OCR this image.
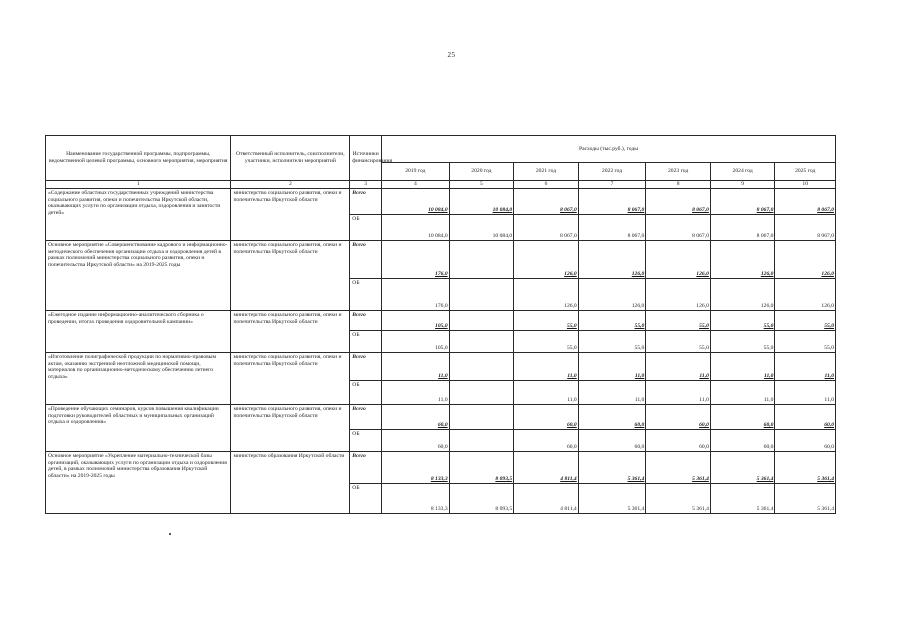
25
Наименование государственной программы, подпрограммы, ведомственной целевой программы, основного мероприятия, мероприятия	Ответственный исполнитель, соисполнители, участники, исполнители мероприятий	Источники финансирования	Расходы (тыс.руб.), годы						
			2019 год	2020 год	2021 год	2022 год	2023 год	2024 год	2025 год
1	2	3	4	5	6	7	8	9	10
«Содержание областных государственных учреждений министерства социального развития, опеки и попечительства Иркутской области, оказывающих услуги по организации отдыха, оздоровления и занятости детей»	министерство социального развития, опеки и попечительства Иркутской области	Всего	10 084,0	10 084,0	8 067,0	8 067,0	8 067,0	8 067,0	8 067,0
		ОБ	10 084,0	10 084,0	8 067,0	8 067,0	8 067,0	8 067,0	8 067,0
Основное мероприятие «Совершенствование кадрового и информационно-методического обеспечения организации отдыха и оздоровления детей в рамках полномочий министерства социального развития, опеки и попечительства Иркутской области» на 2019-2025 годы	министерство социального развития, опеки и попечительства Иркутской области	Всего	176,0		126,0	126,0	126,0	126,0	126,0
		ОБ	176,0		126,0	126,0	126,0	126,0	126,0
«Ежегодное издание информационно-аналитического сборника о проведении, итогах проведения оздоровительной кампании»	министерство социального развития, опеки и попечительства Иркутской области	Всего	105,0		55,0	55,0	55,0	55,0	55,0
		ОБ	105,0		55,0	55,0	55,0	55,0	55,0
«Изготовление полиграфической продукции по нормативно-правовым актам, оказанию экстренной неотложной медицинской помощи, материалов по организационно-методическому обеспечению летнего отдыха»	министерство социального развития, опеки и попечительства Иркутской области	Всего	11,0		11,0	11,0	11,0	11,0	11,0
		ОБ	11,0		11,0	11,0	11,0	11,0	11,0
«Проведение обучающих семинаров, курсов повышения квалификации подготовки руководителей областных и муниципальных организаций отдыха и оздоровления»	министерство социального развития, опеки и попечительства Иркутской области	Всего	60,0		60,0	60,0	60,0	60,0	60,0
		ОБ	60,0		60,0	60,0	60,0	60,0	60,0
Основное мероприятие «Укрепление материально-технической базы организаций, оказывающих услуги по организации отдыха и оздоровления детей, в рамках полномочий министерства образования Иркутской области» на 2019-2025 годы	министерство образования Иркутской области	Всего	8 133,3	8 093,5	4 811,4	5 361,4	5 361,4	5 361,4	5 361,4
		ОБ	8 133,3	8 093,5	4 811,4	5 361,4	5 361,4	5 361,4	5 361,4
